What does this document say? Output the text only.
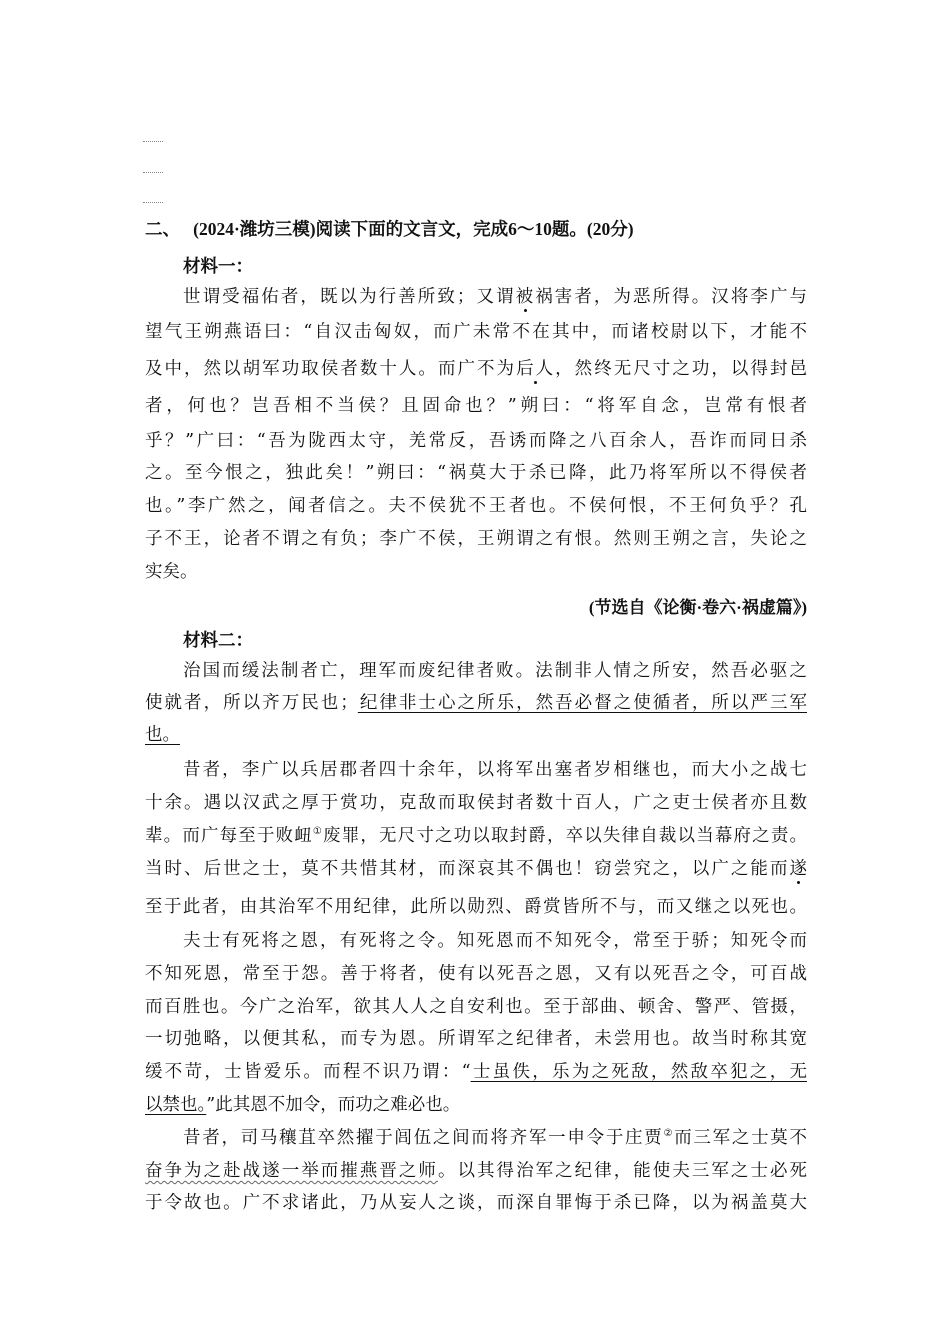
二、 (2024·潍坊三模)阅读下面的文言文，完成6～10题。(20分)
材料一：
世谓受福佑者，既以为行善所致；又谓被祸害者，为恶所得。汉将李广与
望气王朔燕语曰：“自汉击匈奴，而广未常不在其中，而诸校尉以下，才能不
及中，然以胡军功取侯者数十人。而广不为后人，然终无尺寸之功，以得封邑
者，何也？岂吾相不当侯？且固命也？”朔曰：“将军自念，岂常有恨者
乎？”广曰：“吾为陇西太守，羌常反，吾诱而降之八百余人，吾诈而同日杀
之。至今恨之，独此矣！”朔曰：“祸莫大于杀已降，此乃将军所以不得侯者
也。”李广然之，闻者信之。夫不侯犹不王者也。不侯何恨，不王何负乎？孔
子不王，论者不谓之有负；李广不侯，王朔谓之有恨。然则王朔之言，失论之
实矣。
(节选自《论衡·卷六·祸虚篇》)
材料二：
治国而缓法制者亡，理军而废纪律者败。法制非人情之所安，然吾必驱之
使就者，所以齐万民也；纪律非士心之所乐，然吾必督之使循者，所以严三军
也。
昔者，李广以兵居郡者四十余年，以将军出塞者岁相继也，而大小之战七
十余。遇以汉武之厚于赏功，克敌而取侯封者数十百人，广之吏士侯者亦且数
辈。而广每至于败衄①废罪，无尺寸之功以取封爵，卒以失律自裁以当幕府之责。
当时、后世之士，莫不共惜其材，而深哀其不偶也！窃尝究之，以广之能而遂
至于此者，由其治军不用纪律，此所以勋烈、爵赏皆所不与，而又继之以死也。
夫士有死将之恩，有死将之令。知死恩而不知死令，常至于骄；知死令而
不知死恩，常至于怨。善于将者，使有以死吾之恩，又有以死吾之令，可百战
而百胜也。今广之治军，欲其人人之自安利也。至于部曲、顿舍、警严、管摄，
一切弛略，以便其私，而专为恩。所谓军之纪律者，未尝用也。故当时称其宽
缓不苛，士皆爱乐。而程不识乃谓：“士虽佚，乐为之死敌，然敌卒犯之，无
以禁也。”此其恩不加令，而功之难必也。
昔者，司马穰苴卒然擢于闾伍之间而将齐军一申令于庄贾②而三军之士莫不
奋争为之赴战遂一举而摧燕晋之师。以其得治军之纪律，能使夫三军之士必死
于令故也。广不求诸此，乃从妄人之谈，而深自罪悔于杀已降，以为祸盖莫大
